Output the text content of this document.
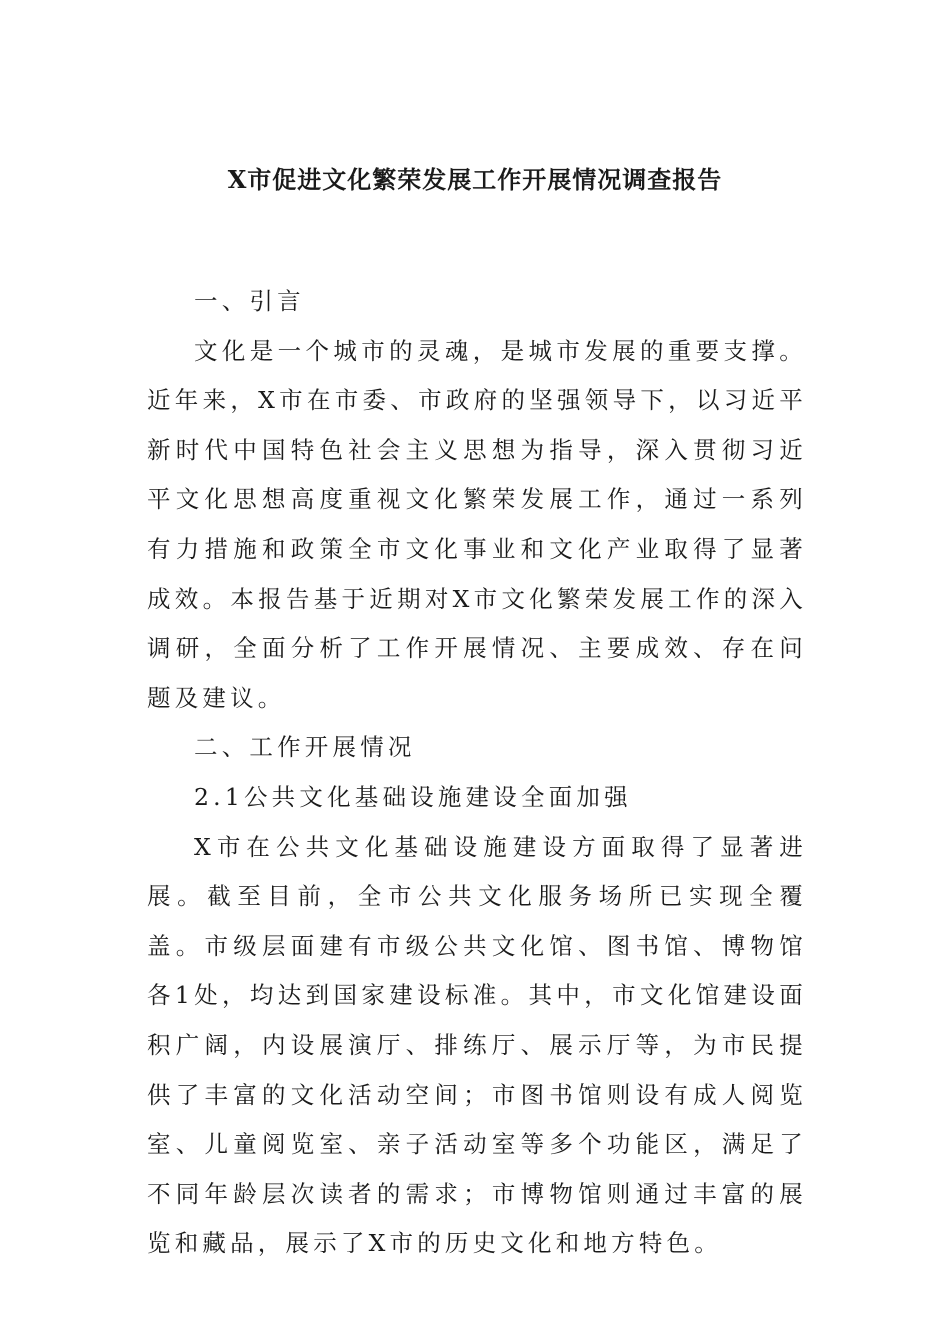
X市促进文化繁荣发展工作开展情况调查报告

一、引言

文化是一个城市的灵魂，是城市发展的重要支撑。近年来，X市在市委、市政府的坚强领导下，以习近平新时代中国特色社会主义思想为指导，深入贯彻习近平文化思想高度重视文化繁荣发展工作，通过一系列有力措施和政策全市文化事业和文化产业取得了显著成效。本报告基于近期对X市文化繁荣发展工作的深入调研，全面分析了工作开展情况、主要成效、存在问题及建议。

二、工作开展情况

2.1公共文化基础设施建设全面加强

X市在公共文化基础设施建设方面取得了显著进展。截至目前，全市公共文化服务场所已实现全覆盖。市级层面建有市级公共文化馆、图书馆、博物馆各1处，均达到国家建设标准。其中，市文化馆建设面积广阔，内设展演厅、排练厅、展示厅等，为市民提供了丰富的文化活动空间；市图书馆则设有成人阅览室、儿童阅览室、亲子活动室等多个功能区，满足了不同年龄层次读者的需求；市博物馆则通过丰富的展览和藏品，展示了X市的历史文化和地方特色。
